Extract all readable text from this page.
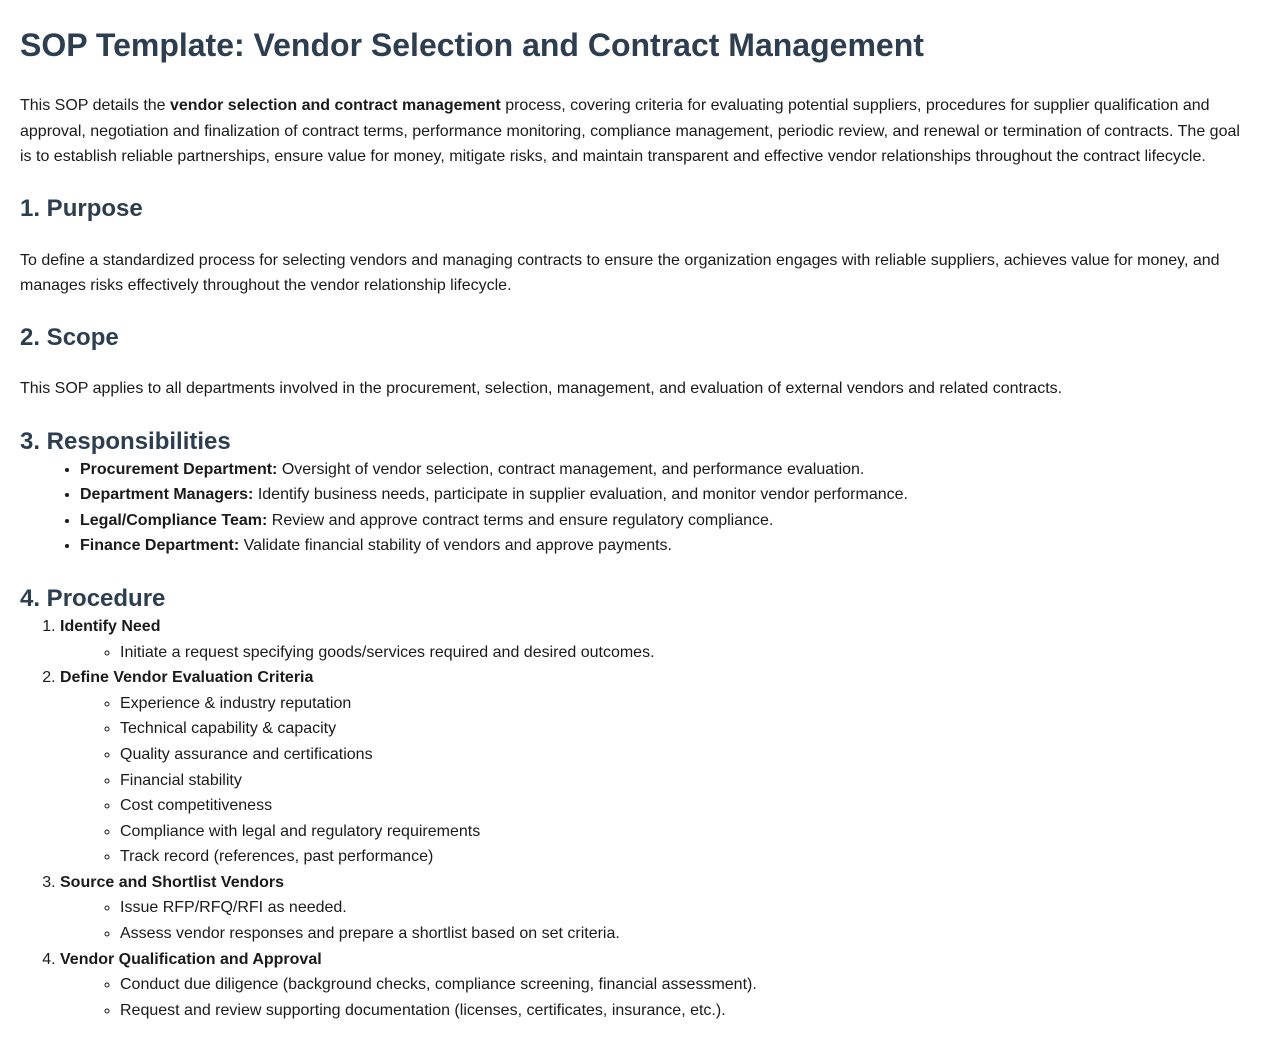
SOP Template: Vendor Selection and Contract Management

This SOP details the vendor selection and contract management process, covering criteria for evaluating potential suppliers, procedures for supplier qualification and approval, negotiation and finalization of contract terms, performance monitoring, compliance management, periodic review, and renewal or termination of contracts. The goal is to establish reliable partnerships, ensure value for money, mitigate risks, and maintain transparent and effective vendor relationships throughout the contract lifecycle.

1. Purpose

To define a standardized process for selecting vendors and managing contracts to ensure the organization engages with reliable suppliers, achieves value for money, and manages risks effectively throughout the vendor relationship lifecycle.

2. Scope

This SOP applies to all departments involved in the procurement, selection, management, and evaluation of external vendors and related contracts.

3. Responsibilities
• Procurement Department: Oversight of vendor selection, contract management, and performance evaluation.
• Department Managers: Identify business needs, participate in supplier evaluation, and monitor vendor performance.
• Legal/Compliance Team: Review and approve contract terms and ensure regulatory compliance.
• Finance Department: Validate financial stability of vendors and approve payments.
4. Procedure
1. Identify Need
◦ Initiate a request specifying goods/services required and desired outcomes.
2. Define Vendor Evaluation Criteria
◦ Experience & industry reputation
◦ Technical capability & capacity
◦ Quality assurance and certifications
◦ Financial stability
◦ Cost competitiveness
◦ Compliance with legal and regulatory requirements
◦ Track record (references, past performance)
3. Source and Shortlist Vendors
◦ Issue RFP/RFQ/RFI as needed.
◦ Assess vendor responses and prepare a shortlist based on set criteria.
4. Vendor Qualification and Approval
◦ Conduct due diligence (background checks, compliance screening, financial assessment).
◦ Request and review supporting documentation (licenses, certificates, insurance, etc.).
